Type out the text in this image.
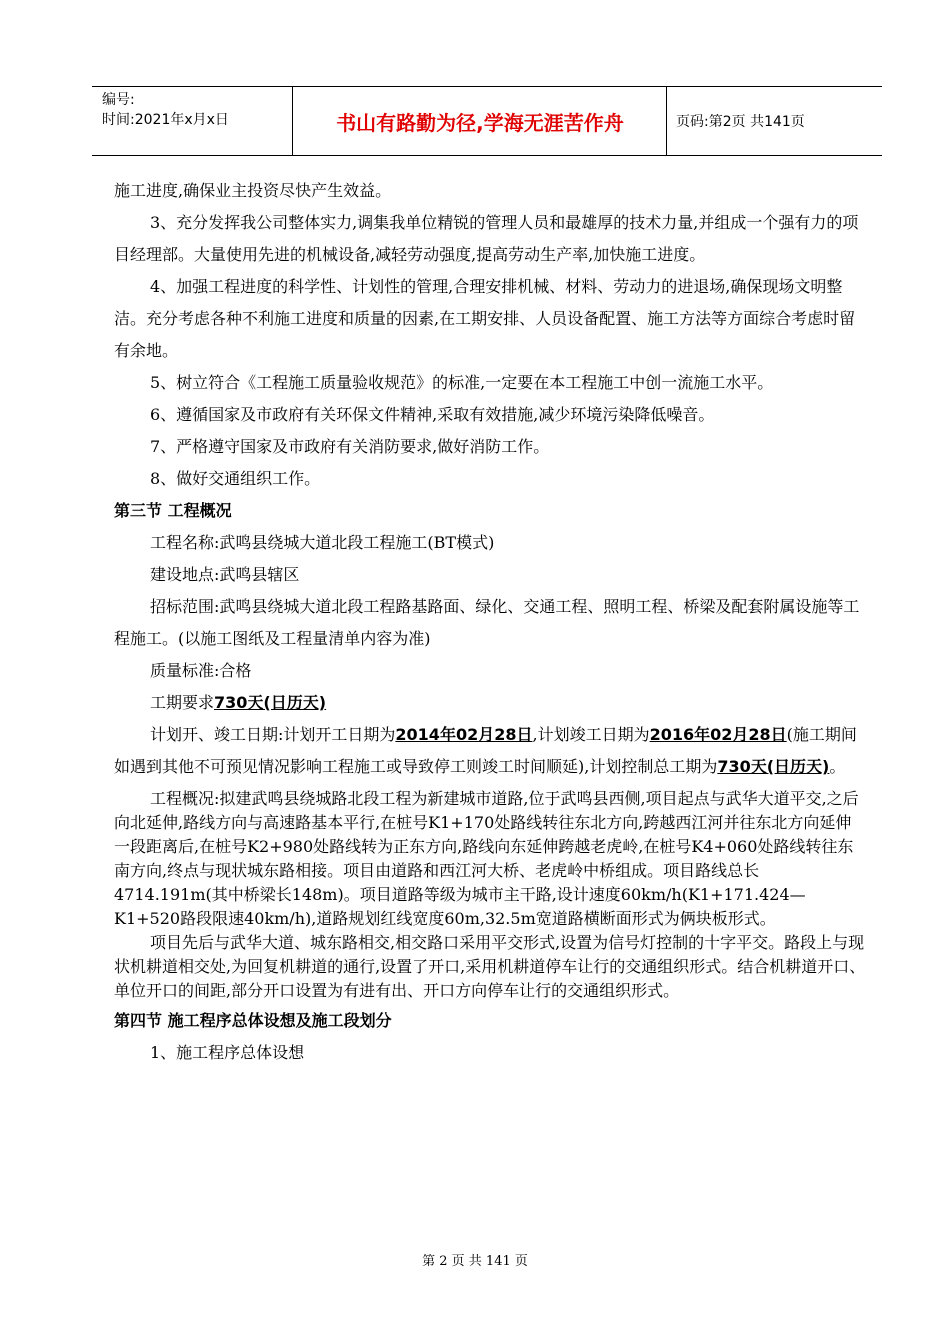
编号:
时间:2021年x月x日	书山有路勤为径,学海无涯苦作舟	页码:第2页 共141页
施工进度,确保业主投资尽快产生效益。
3、充分发挥我公司整体实力,调集我单位精锐的管理人员和最雄厚的技术力量,并组成一个强有力的项目经理部。大量使用先进的机械设备,减轻劳动强度,提高劳动生产率,加快施工进度。
4、加强工程进度的科学性、计划性的管理,合理安排机械、材料、劳动力的进退场,确保现场文明整洁。充分考虑各种不利施工进度和质量的因素,在工期安排、人员设备配置、施工方法等方面综合考虑时留有余地。
5、树立符合《工程施工质量验收规范》的标准,一定要在本工程施工中创一流施工水平。
6、遵循国家及市政府有关环保文件精神,采取有效措施,减少环境污染降低噪音。
7、严格遵守国家及市政府有关消防要求,做好消防工作。
8、做好交通组织工作。
第三节 工程概况
工程名称:武鸣县绕城大道北段工程施工(BT模式)
建设地点:武鸣县辖区
招标范围:武鸣县绕城大道北段工程路基路面、绿化、交通工程、照明工程、桥梁及配套附属设施等工程施工。(以施工图纸及工程量清单内容为准)
质量标准:合格
工期要求730天(日历天)
计划开、竣工日期:计划开工日期为2014年02月28日,计划竣工日期为2016年02月28日(施工期间如遇到其他不可预见情况影响工程施工或导致停工则竣工时间顺延),计划控制总工期为730天(日历天)。
工程概况:拟建武鸣县绕城路北段工程为新建城市道路,位于武鸣县西侧,项目起点与武华大道平交,之后向北延伸,路线方向与高速路基本平行,在桩号K1+170处路线转往东北方向,跨越西江河并往东北方向延伸一段距离后,在桩号K2+980处路线转为正东方向,路线向东延伸跨越老虎岭,在桩号K4+060处路线转往东南方向,终点与现状城东路相接。项目由道路和西江河大桥、老虎岭中桥组成。项目路线总长4714.191m(其中桥梁长148m)。项目道路等级为城市主干路,设计速度60km/h(K1+171.424—K1+520路段限速40km/h),道路规划红线宽度60m,32.5m宽道路横断面形式为俩块板形式。
项目先后与武华大道、城东路相交,相交路口采用平交形式,设置为信号灯控制的十字平交。路段上与现状机耕道相交处,为回复机耕道的通行,设置了开口,采用机耕道停车让行的交通组织形式。结合机耕道开口、单位开口的间距,部分开口设置为有进有出、开口方向停车让行的交通组织形式。
第四节 施工程序总体设想及施工段划分
1、施工程序总体设想
第 2 页 共 141 页
